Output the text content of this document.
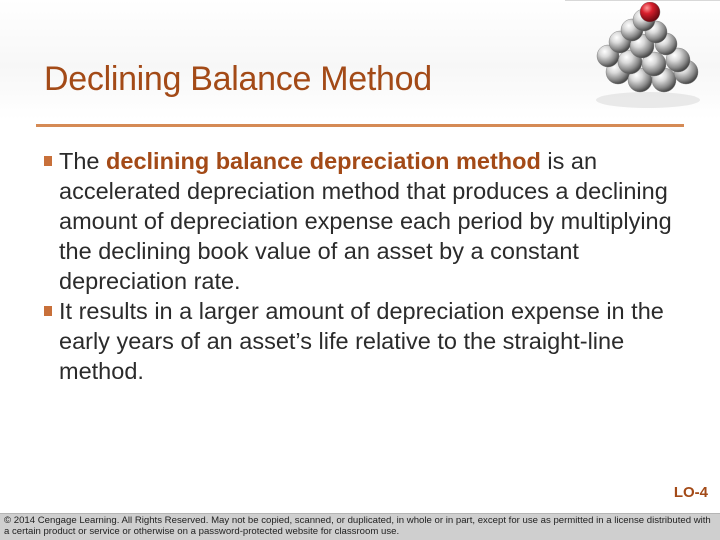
Declining Balance Method
The declining balance depreciation method is an accelerated depreciation method that produces a declining amount of depreciation expense each period by multiplying the declining book value of an asset by a constant depreciation rate.
It results in a larger amount of depreciation expense in the early years of an asset’s life relative to the straight-line method.
LO-4

© 2014 Cengage Learning. All Rights Reserved. May not be copied, scanned, or duplicated, in whole or in part, except for use as permitted in a license distributed with a certain product or service or otherwise on a password-protected website for classroom use.
